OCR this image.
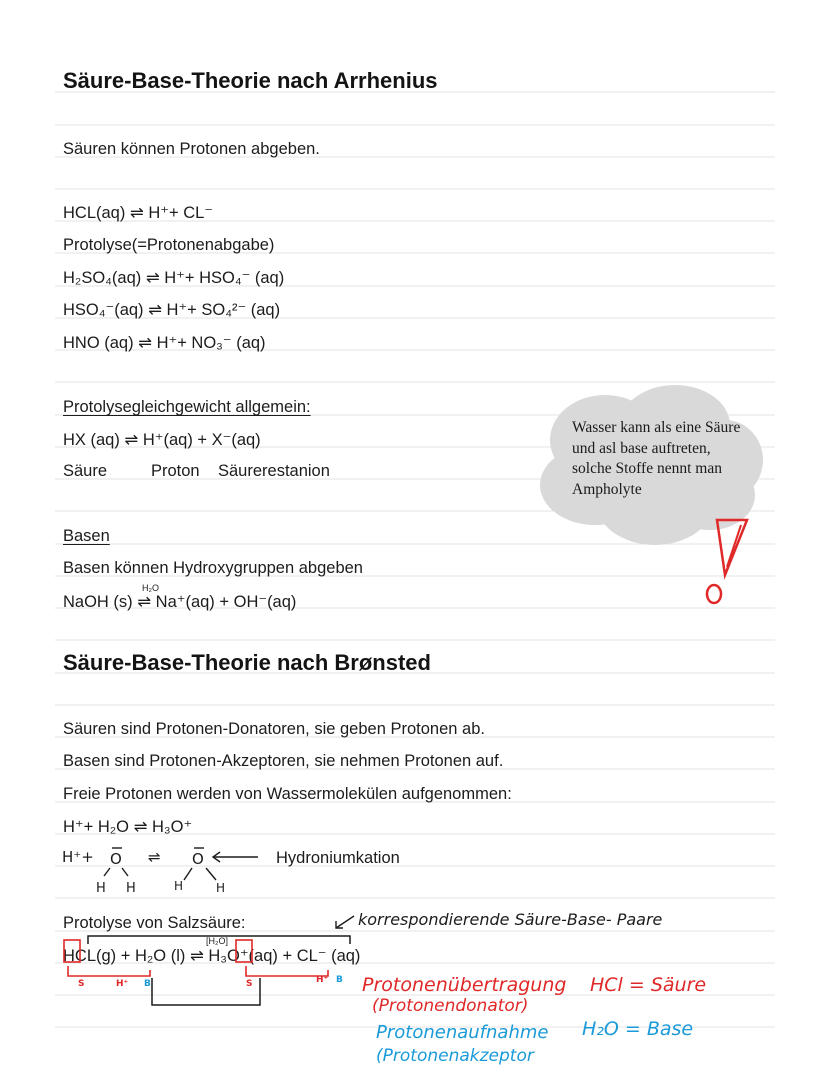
Säure-Base-Theorie nach Arrhenius
Säuren können Protonen abgeben.
HCL(aq) ⇌ H⁺+ CL⁻
Protolyse(=Protonenabgabe)
H₂SO₄(aq) ⇌ H⁺+ HSO₄⁻ (aq)
HSO₄⁻(aq) ⇌ H⁺+ SO₄²⁻ (aq)
HNO (aq) ⇌ H⁺+ NO₃⁻ (aq)
Protolysegleichgewicht allgemein:
HX (aq) ⇌ H⁺(aq) + X⁻(aq)
Säure	Proton Säurerestanion
Basen
Basen können Hydroxygruppen abgeben
H₂O
NaOH (s) ⇌ Na⁺(aq) + OH⁻(aq)
Wasser kann als eine Säure und asl base auftreten, solche Stoffe nennt man Ampholyte
Säure-Base-Theorie nach Brønsted
Säuren sind Protonen-Donatoren, sie geben Protonen ab.
Basen sind Protonen-Akzeptoren, sie nehmen Protonen auf.
Freie Protonen werden von Wassermolekülen aufgenommen:
H⁺+ H₂O ⇌ H₃O⁺
H⁺+ O
H H
⇌ O
H	H
Hydroniumkation
Protolyse von Salzsäure:
[H₂O]
HCL(g) + H₂O (l) ⇌ H₃O⁺(aq) + CL⁻ (aq)
S	H⁺ B	S	H⁺ B
korrespondierende Säure-Base- Paare
Protonenübertragung HCl = Säure
(Protonendonator)
Protonenaufnahme H₂O = Base
(Protonenakzeptor
